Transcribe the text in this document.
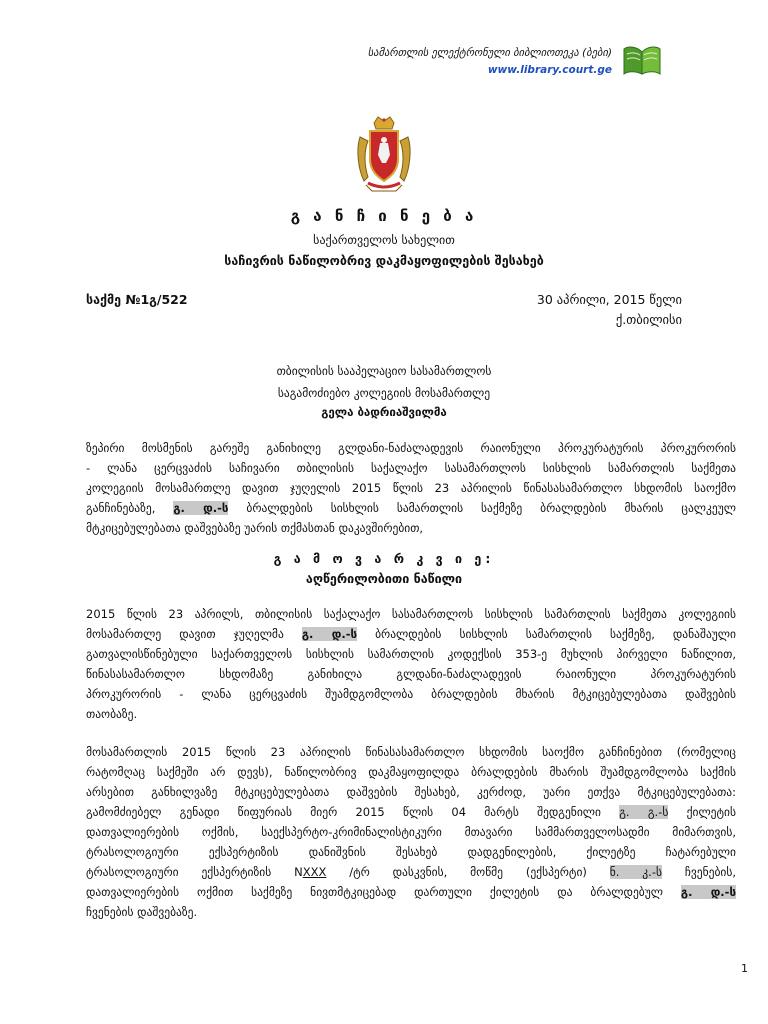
სამართლის ელექტრონული ბიბლიოთეკა (ბები)
www.library.court.ge
გ ა ნ ჩ ი ნ ე ბ ა
საქართველოს სახელით
საჩივრის ნაწილობრივ დაკმაყოფილების შესახებ
საქმე №1გ/522	30 აპრილი, 2015 წელი
ქ.თბილისი
თბილისის სააპელაციო სასამართლოს
საგამოძიებო კოლეგიის მოსამართლე
გელა ბადრიაშვილმა
ზეპირი მოსმენის გარეშე განიხილე გლდანი-ნაძალადევის რაიონული პროკურატურის პროკურორის
- ლანა ცერცვაძის საჩივარი თბილისის საქალაქო სასამართლოს სისხლის სამართლის საქმეთა
კოლეგიის მოსამართლე დავით ჯუღელის 2015 წლის 23 აპრილის წინასასამართლო სხდომის საოქმო
განჩინებაზე, გ. დ.-ს ბრალდების სისხლის სამართლის საქმეზე ბრალდების მხარის ცალკეულ
მტკიცებულებათა დაშვებაზე უარის თქმასთან დაკავშირებით,
გ ა მ ო ვ ა რ კ ვ ი ე:
აღწერილობითი ნაწილი
2015 წლის 23 აპრილს, თბილისის საქალაქო სასამართლოს სისხლის სამართლის საქმეთა კოლეგიის
მოსამართლე დავით ჯუღელმა გ. დ.-ს ბრალდების სისხლის სამართლის საქმეზე, დანაშაული
გათვალისწინებული საქართველოს სისხლის სამართლის კოდექსის 353-ე მუხლის პირველი ნაწილით,
წინასასამართლო სხდომაზე განიხილა გლდანი-ნაძალადევის რაიონული პროკურატურის
პროკურორის - ლანა ცერცვაძის შუამდგომლობა ბრალდების მხარის მტკიცებულებათა დაშვების
თაობაზე.
მოსამართლის 2015 წლის 23 აპრილის წინასასამართლო სხდომის საოქმო განჩინებით (რომელიც
რატომღაც საქმეში არ დევს), ნაწილობრივ დაკმაყოფილდა ბრალდების მხარის შუამდგომლობა საქმის
არსებით განხილვაზე მტკიცებულებათა დაშვების შესახებ, კერძოდ, უარი ეთქვა მტკიცებულებათა:
გამომძიებელ გენადი წიფურიას მიერ 2015 წლის 04 მარტს შედგენილი გ. გ.-ს ქილეტის
დათვალიერების ოქმის, საექსპერტო-კრიმინალისტიკური მთავარი სამმართველოსადმი მიმართვის,
ტრასოლოგიური ექსპერტიზის დანიშვნის შესახებ დადგენილების, ქილეტზე ჩატარებული
ტრასოლოგიური ექსპერტიზის NXXX /ტრ დასკვნის, მოწმე (ექსპერტი) ნ. კ.-ს ჩვენების,
დათვალიერების ოქმით საქმეზე ნივთმტკიცებად დართული ქილეტის და ბრალდებულ გ. დ.-ს
ჩვენების დაშვებაზე.
1
